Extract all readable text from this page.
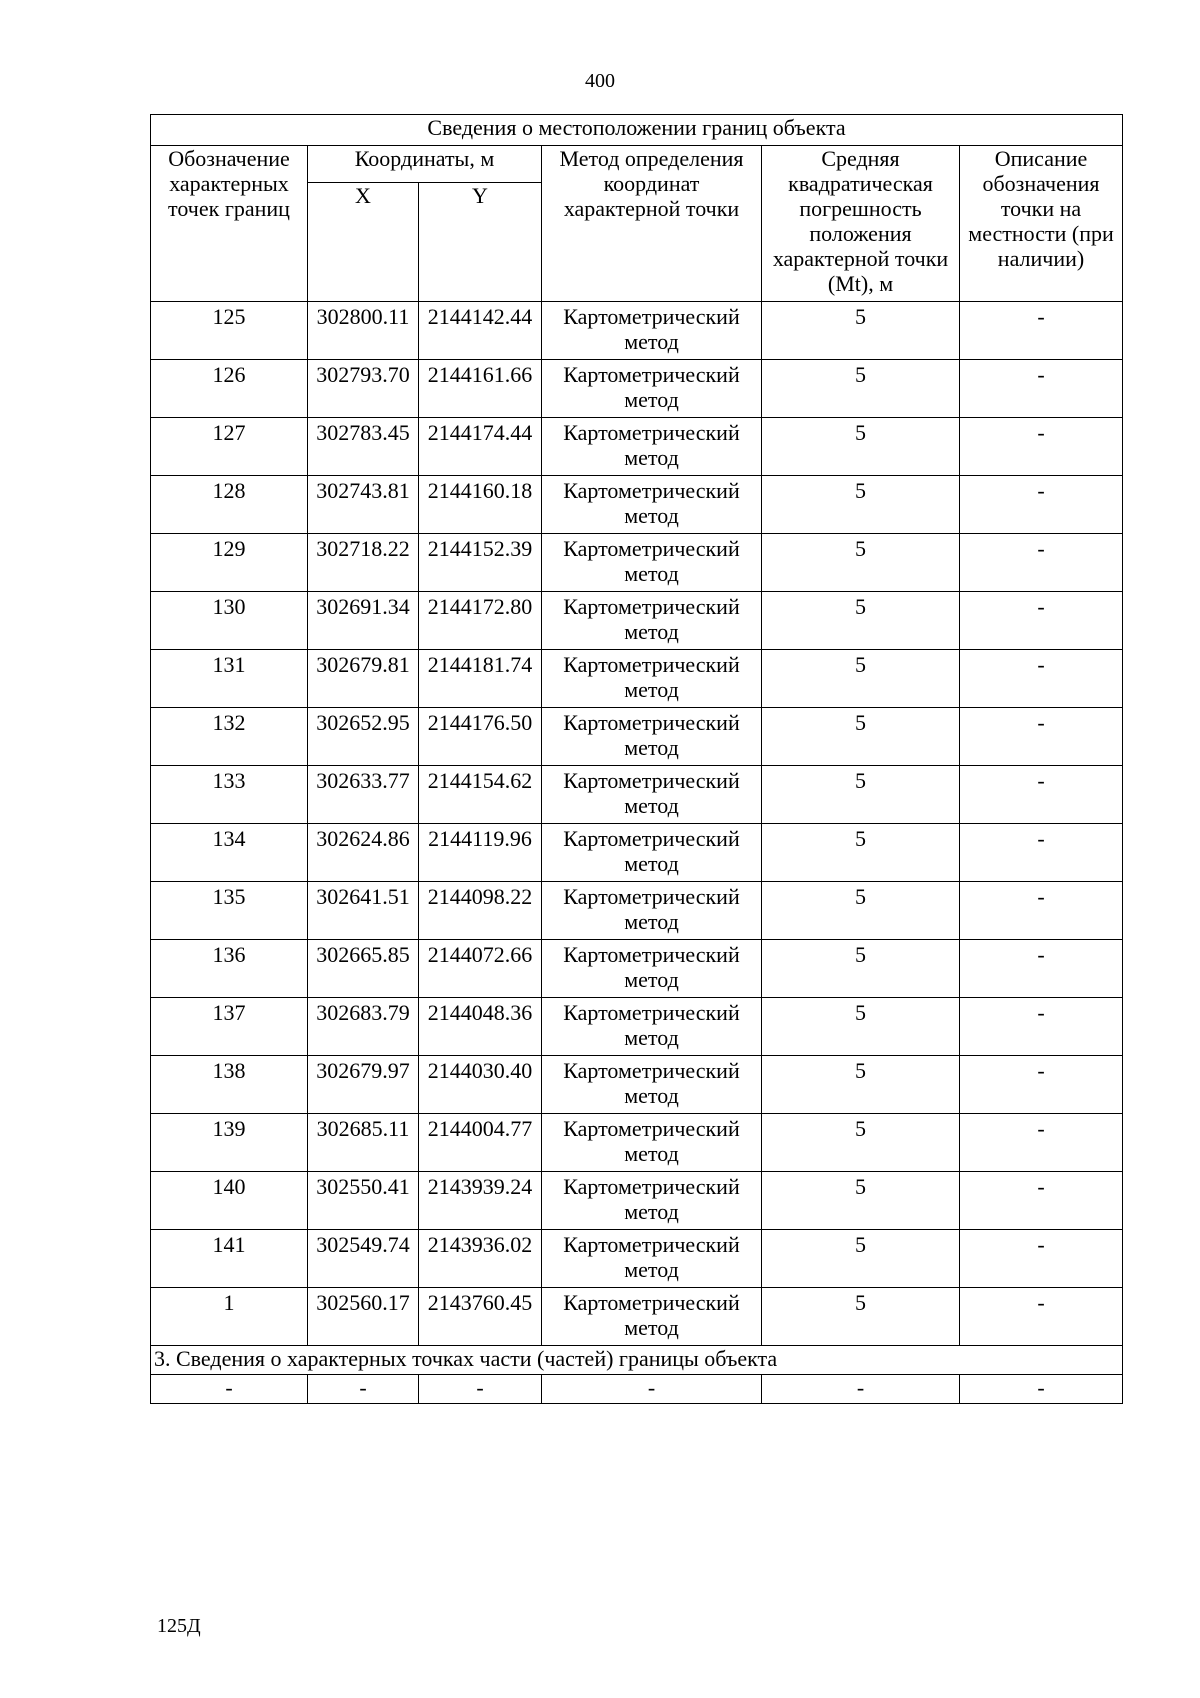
400
Сведения о местоположении границ объекта					
Обозначение характерных точек границ	Координаты, м		Метод определения координат характерной точки	Средняя квадратическая погрешность положения характерной точки (Mt), м	Описание обозначения точки на местности (при наличии)
	X	Y			
125	302800.11	2144142.44	Картометрический метод	5	-
126	302793.70	2144161.66	Картометрический метод	5	-
127	302783.45	2144174.44	Картометрический метод	5	-
128	302743.81	2144160.18	Картометрический метод	5	-
129	302718.22	2144152.39	Картометрический метод	5	-
130	302691.34	2144172.80	Картометрический метод	5	-
131	302679.81	2144181.74	Картометрический метод	5	-
132	302652.95	2144176.50	Картометрический метод	5	-
133	302633.77	2144154.62	Картометрический метод	5	-
134	302624.86	2144119.96	Картометрический метод	5	-
135	302641.51	2144098.22	Картометрический метод	5	-
136	302665.85	2144072.66	Картометрический метод	5	-
137	302683.79	2144048.36	Картометрический метод	5	-
138	302679.97	2144030.40	Картометрический метод	5	-
139	302685.11	2144004.77	Картометрический метод	5	-
140	302550.41	2143939.24	Картометрический метод	5	-
141	302549.74	2143936.02	Картометрический метод	5	-
1	302560.17	2143760.45	Картометрический метод	5	-
3. Сведения о характерных точках части (частей) границы объекта					
-	-	-	-	-	-
125Д
